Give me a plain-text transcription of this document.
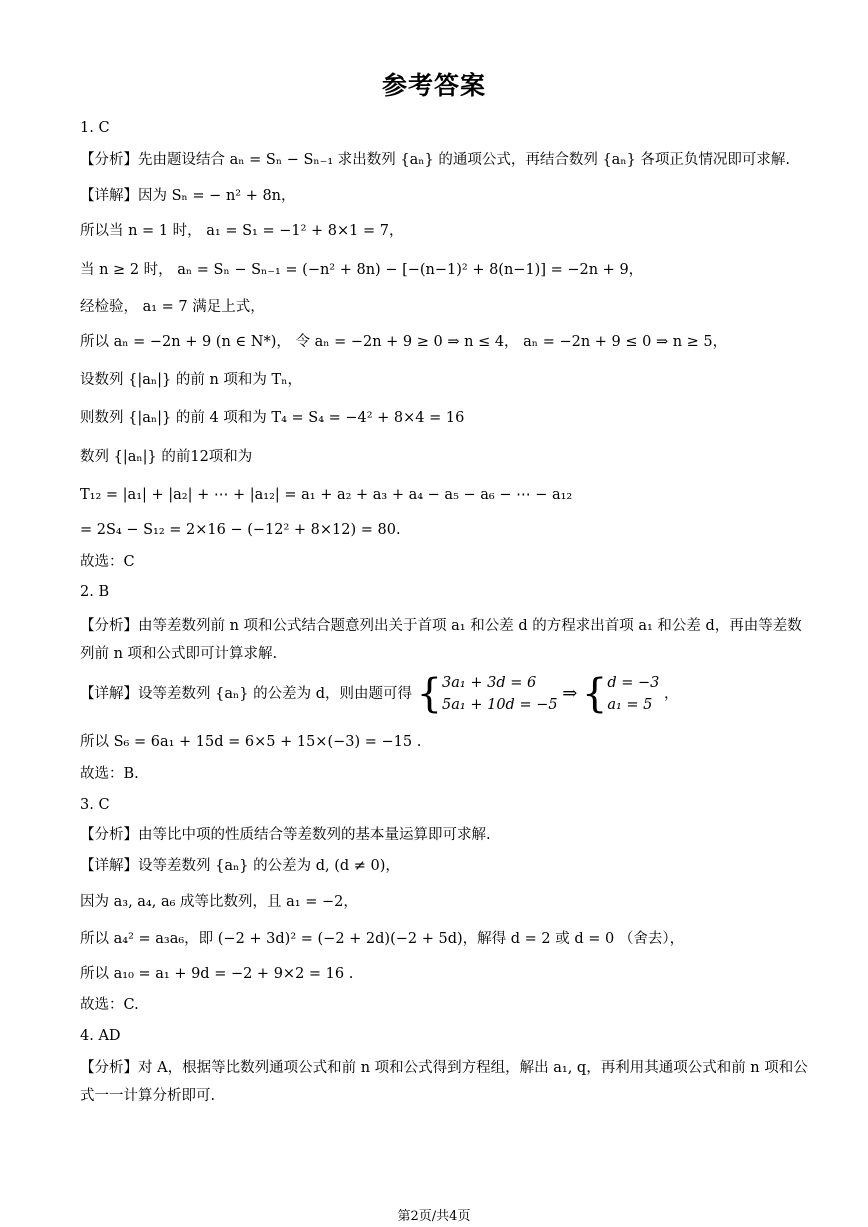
参考答案
1. C
【分析】先由题设结合 aₙ = Sₙ − Sₙ₋₁ 求出数列 {aₙ} 的通项公式，再结合数列 {aₙ} 各项正负情况即可求解.
【详解】因为 Sₙ = − n² + 8n，
所以当 n = 1 时， a₁ = S₁ = −1² + 8×1 = 7，
当 n ≥ 2 时， aₙ = Sₙ − Sₙ₋₁ = (−n² + 8n) − [−(n−1)² + 8(n−1)] = −2n + 9，
经检验， a₁ = 7 满足上式，
所以 aₙ = −2n + 9 (n ∈ N*)， 令 aₙ = −2n + 9 ≥ 0 ⇒ n ≤ 4， aₙ = −2n + 9 ≤ 0 ⇒ n ≥ 5，
设数列 {|aₙ|} 的前 n 项和为 Tₙ，
则数列 {|aₙ|} 的前 4 项和为 T₄ = S₄ = −4² + 8×4 = 16
数列 {|aₙ|} 的前12项和为
T₁₂ = |a₁| + |a₂| + ⋯ + |a₁₂| = a₁ + a₂ + a₃ + a₄ − a₅ − a₆ − ⋯ − a₁₂
= 2S₄ − S₁₂ = 2×16 − (−12² + 8×12) = 80.
故选：C
2. B
【分析】由等差数列前 n 项和公式结合题意列出关于首项 a₁ 和公差 d 的方程求出首项 a₁ 和公差 d，再由等差数列前 n 项和公式即可计算求解.
【详解】设等差数列 {aₙ} 的公差为 d，则由题可得 { 3a₁ + 3d = 6
5a₁ + 10d = −5
⇒ { d = −3
a₁ = 5
，
所以 S₆ = 6a₁ + 15d = 6×5 + 15×(−3) = −15 .
故选：B.
3. C
【分析】由等比中项的性质结合等差数列的基本量运算即可求解.
【详解】设等差数列 {aₙ} 的公差为 d, (d ≠ 0)，
因为 a₃, a₄, a₆ 成等比数列，且 a₁ = −2，
所以 a₄² = a₃a₆，即 (−2 + 3d)² = (−2 + 2d)(−2 + 5d)，解得 d = 2 或 d = 0 （舍去），
所以 a₁₀ = a₁ + 9d = −2 + 9×2 = 16 .
故选：C.
4. AD
【分析】对 A，根据等比数列通项公式和前 n 项和公式得到方程组，解出 a₁, q，再利用其通项公式和前 n 项和公式一一计算分析即可.
第2页/共4页
